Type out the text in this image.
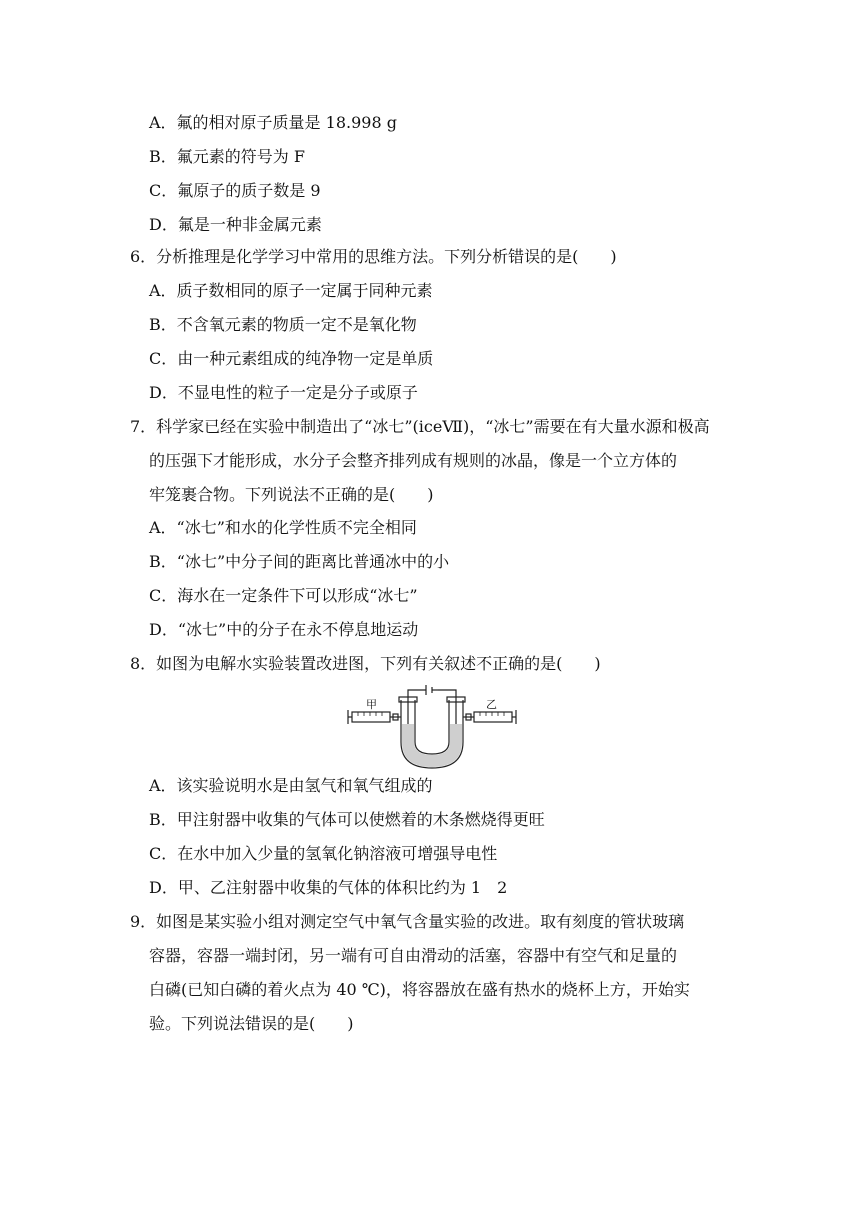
A．氟的相对原子质量是 18.998 g
B．氟元素的符号为 F
C．氟原子的质子数是 9
D．氟是一种非金属元素
6．分析推理是化学学习中常用的思维方法。下列分析错误的是(　　)
A．质子数相同的原子一定属于同种元素
B．不含氧元素的物质一定不是氧化物
C．由一种元素组成的纯净物一定是单质
D．不显电性的粒子一定是分子或原子
7．科学家已经在实验中制造出了“冰七”(iceⅦ)，“冰七”需要在有大量水源和极高
的压强下才能形成，水分子会整齐排列成有规则的冰晶，像是一个立方体的
牢笼裹合物。下列说法不正确的是(　　)
A．“冰七”和水的化学性质不完全相同
B．“冰七”中分子间的距离比普通冰中的小
C．海水在一定条件下可以形成“冰七”
D．“冰七”中的分子在永不停息地运动
8．如图为电解水实验装置改进图，下列有关叙述不正确的是(　　)
甲	乙
A．该实验说明水是由氢气和氧气组成的
B．甲注射器中收集的气体可以使燃着的木条燃烧得更旺
C．在水中加入少量的氢氧化钠溶液可增强导电性
D．甲、乙注射器中收集的气体的体积比约为 1　2
9．如图是某实验小组对测定空气中氧气含量实验的改进。取有刻度的管状玻璃
容器，容器一端封闭，另一端有可自由滑动的活塞，容器中有空气和足量的
白磷(已知白磷的着火点为 40 ℃)，将容器放在盛有热水的烧杯上方，开始实
验。下列说法错误的是(　　)
